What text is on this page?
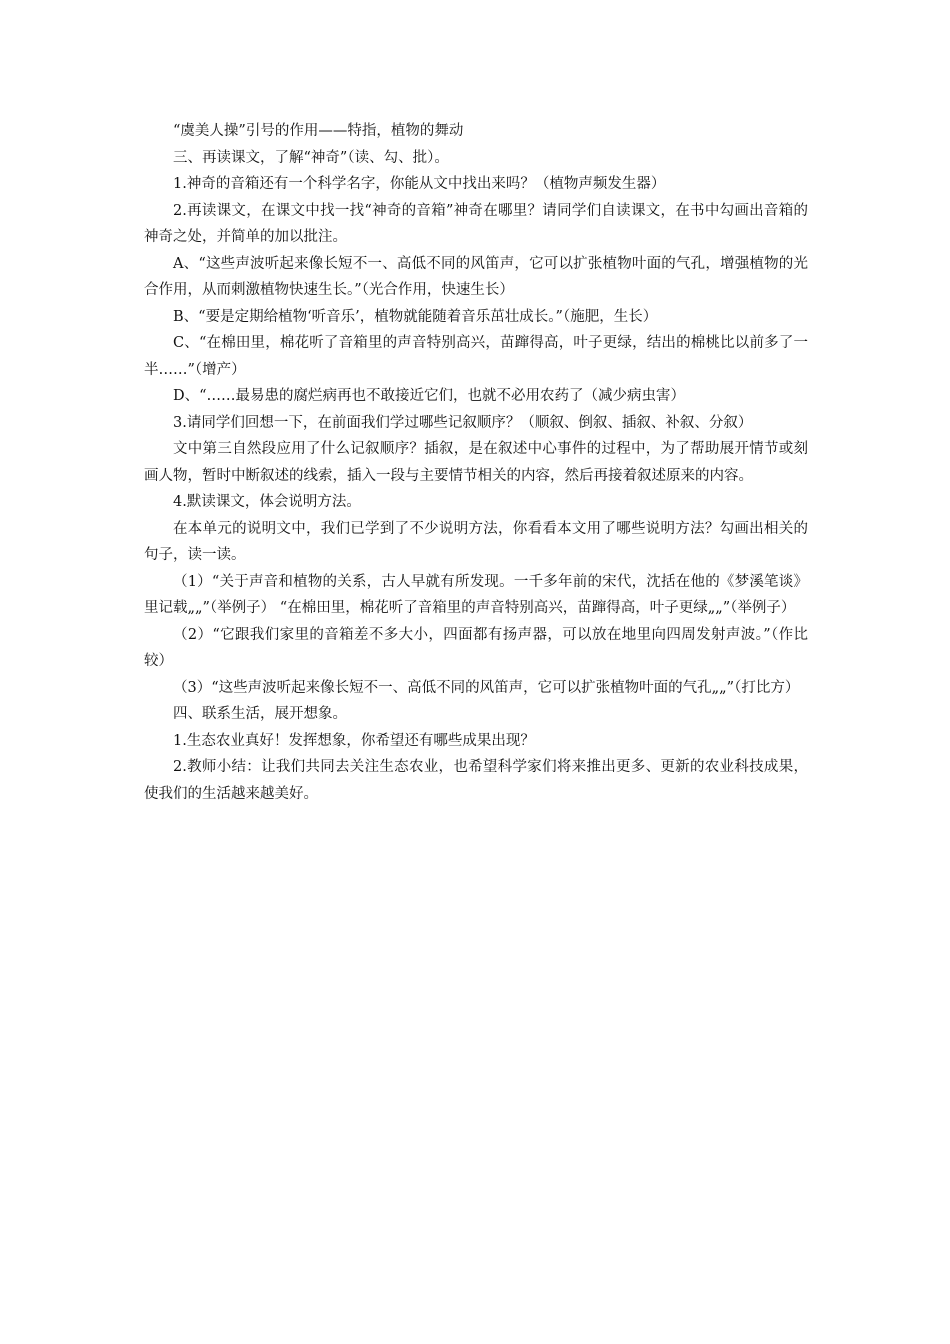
“虞美人操”引号的作用——特指，植物的舞动

三、再读课文，了解“神奇”（读、勾、批）。

1.神奇的音箱还有一个科学名字，你能从文中找出来吗？（植物声频发生器）

2.再读课文，在课文中找一找“神奇的音箱”神奇在哪里？请同学们自读课文，在书中勾画出音箱的神奇之处，并简单的加以批注。

A、“这些声波听起来像长短不一、高低不同的风笛声，它可以扩张植物叶面的气孔，增强植物的光合作用，从而刺激植物快速生长。”（光合作用，快速生长）

B、“要是定期给植物‘听音乐’，植物就能随着音乐茁壮成长。”（施肥，生长）

C、“在棉田里，棉花听了音箱里的声音特别高兴，苗蹿得高，叶子更绿，结出的棉桃比以前多了一半……”（增产）

D、“……最易患的腐烂病再也不敢接近它们，也就不必用农药了（减少病虫害）

3.请同学们回想一下，在前面我们学过哪些记叙顺序？（顺叙、倒叙、插叙、补叙、分叙）

文中第三自然段应用了什么记叙顺序？插叙，是在叙述中心事件的过程中，为了帮助展开情节或刻画人物，暂时中断叙述的线索，插入一段与主要情节相关的内容，然后再接着叙述原来的内容。

4.默读课文，体会说明方法。

在本单元的说明文中，我们已学到了不少说明方法，你看看本文用了哪些说明方法？勾画出相关的句子，读一读。

（1）“关于声音和植物的关系，古人早就有所发现。一千多年前的宋代，沈括在他的《梦溪笔谈》里记载„„”（举例子） “在棉田里，棉花听了音箱里的声音特别高兴，苗蹿得高，叶子更绿„„”（举例子）

（2）“它跟我们家里的音箱差不多大小，四面都有扬声器，可以放在地里向四周发射声波。”（作比较）

（3）“这些声波听起来像长短不一、高低不同的风笛声，它可以扩张植物叶面的气孔„„”（打比方）

四、联系生活，展开想象。

1.生态农业真好！发挥想象，你希望还有哪些成果出现？

2.教师小结：让我们共同去关注生态农业，也希望科学家们将来推出更多、更新的农业科技成果，使我们的生活越来越美好。
